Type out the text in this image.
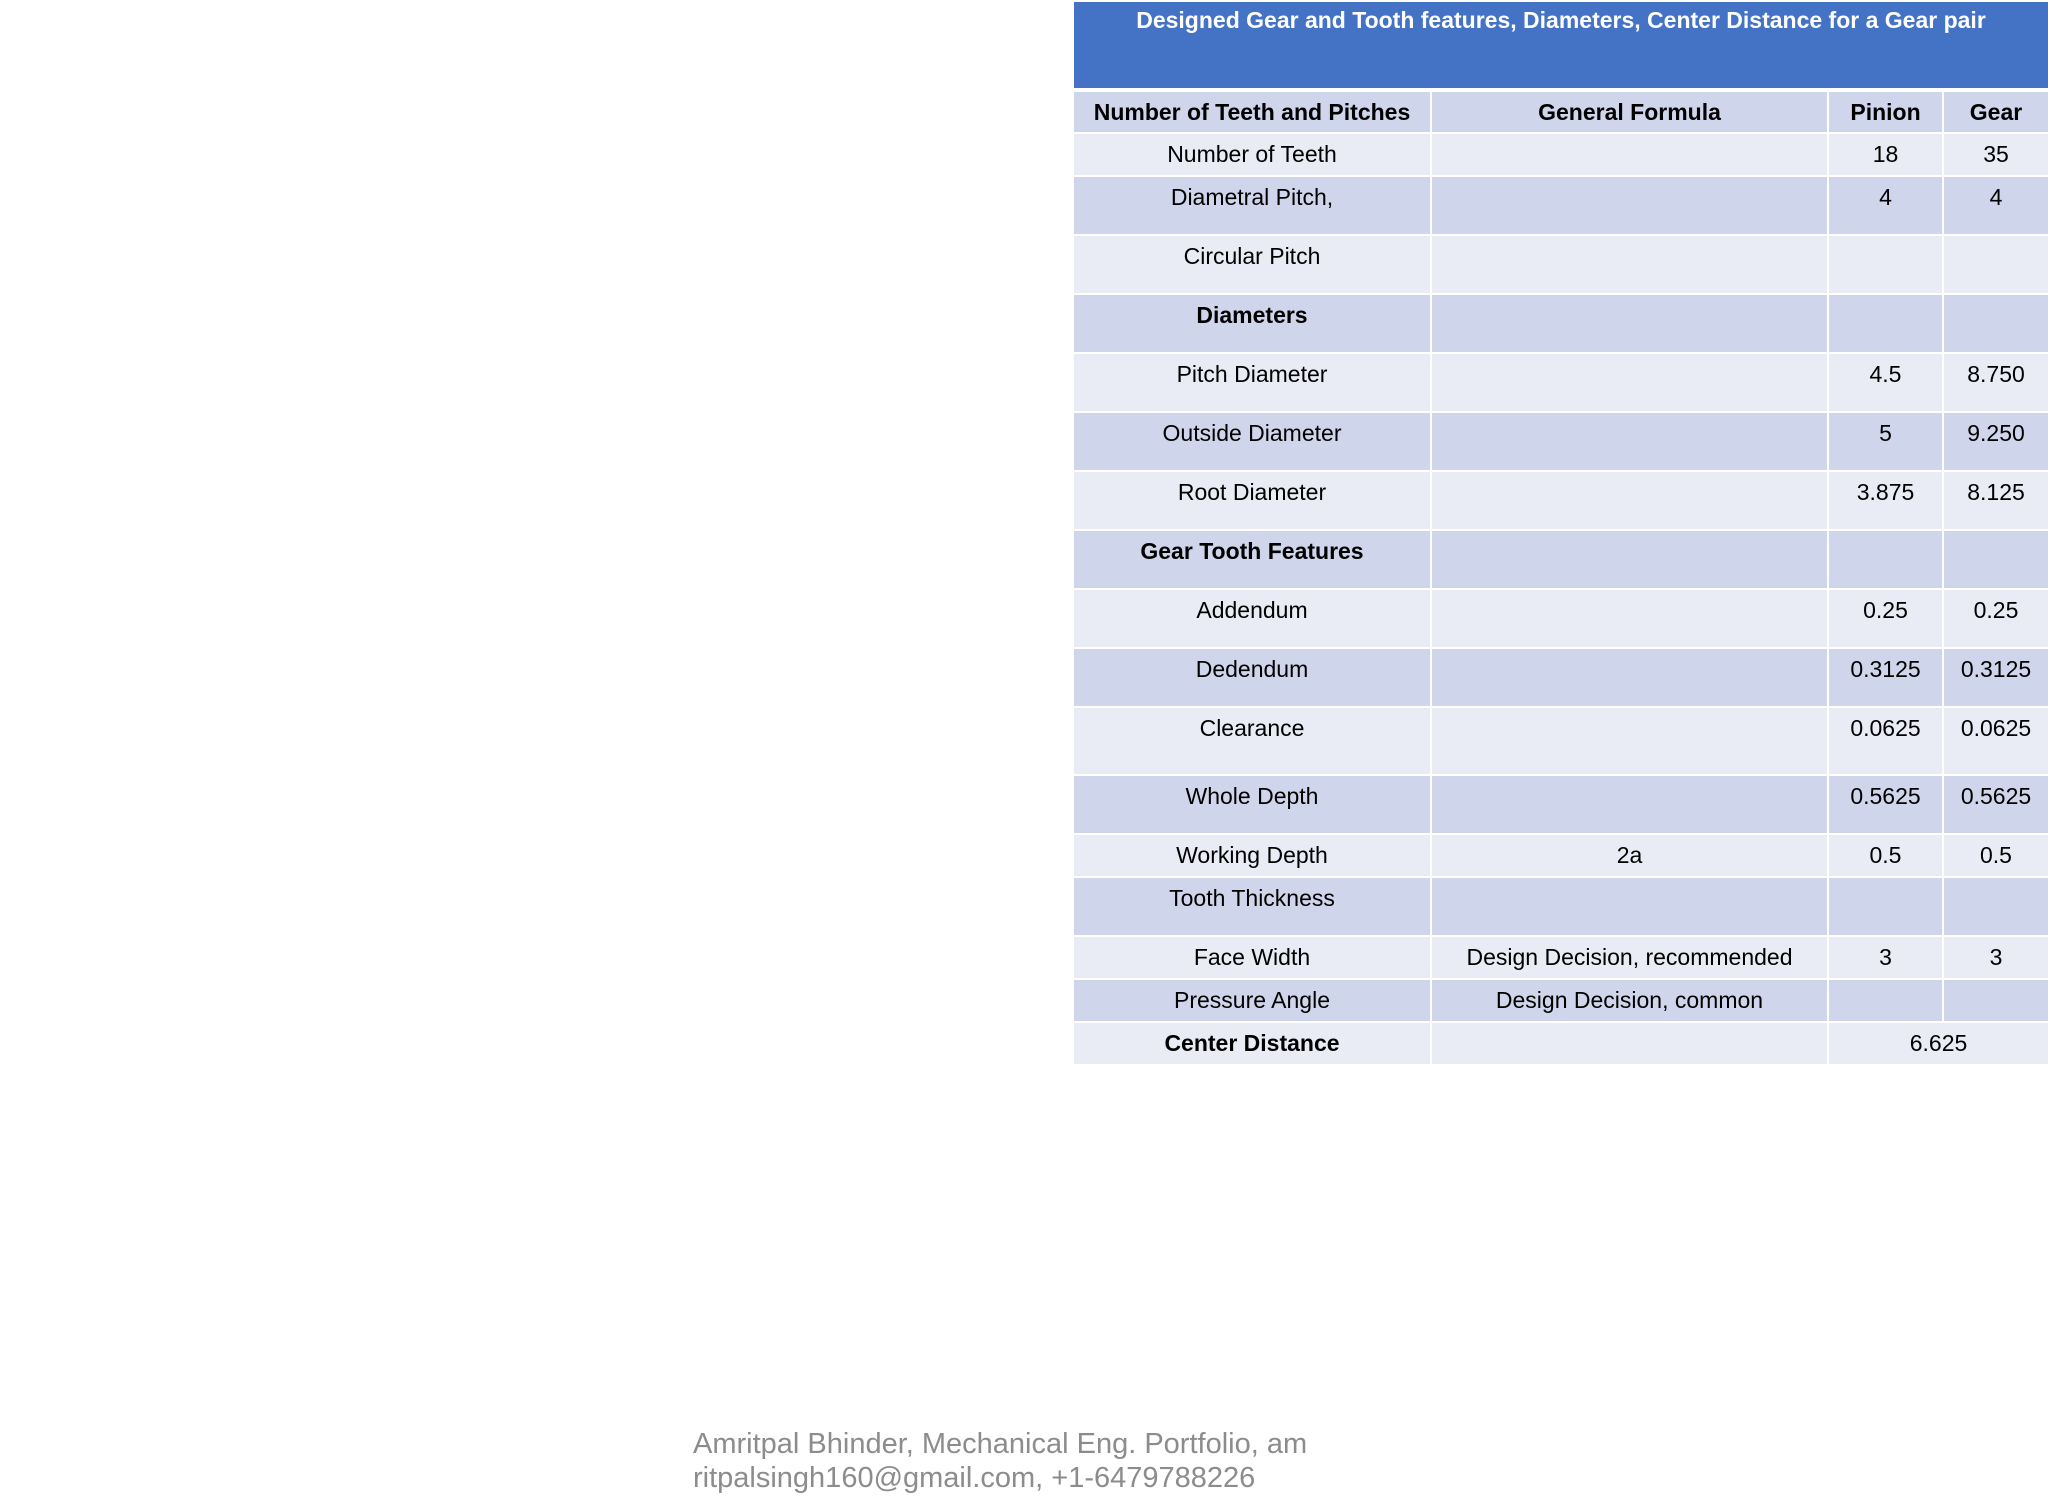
Designed Gear and Tooth features, Diameters, Center Distance for a Gear pair			
Number of Teeth and Pitches	General Formula	Pinion	Gear
Number of Teeth		18	35
Diametral Pitch,		4	4
Circular Pitch			
Diameters			
Pitch Diameter		4.5	8.750
Outside Diameter		5	9.250
Root Diameter		3.875	8.125
Gear Tooth Features			
Addendum		0.25	0.25
Dedendum		0.3125	0.3125
Clearance		0.0625	0.0625
Whole Depth		0.5625	0.5625
Working Depth	2a	0.5	0.5
Tooth Thickness			
Face Width	Design Decision, recommended	3	3
Pressure Angle	Design Decision, common		
Center Distance		6.625	
Amritpal Bhinder, Mechanical Eng. Portfolio, am
ritpalsingh160@gmail.com, +1-6479788226
